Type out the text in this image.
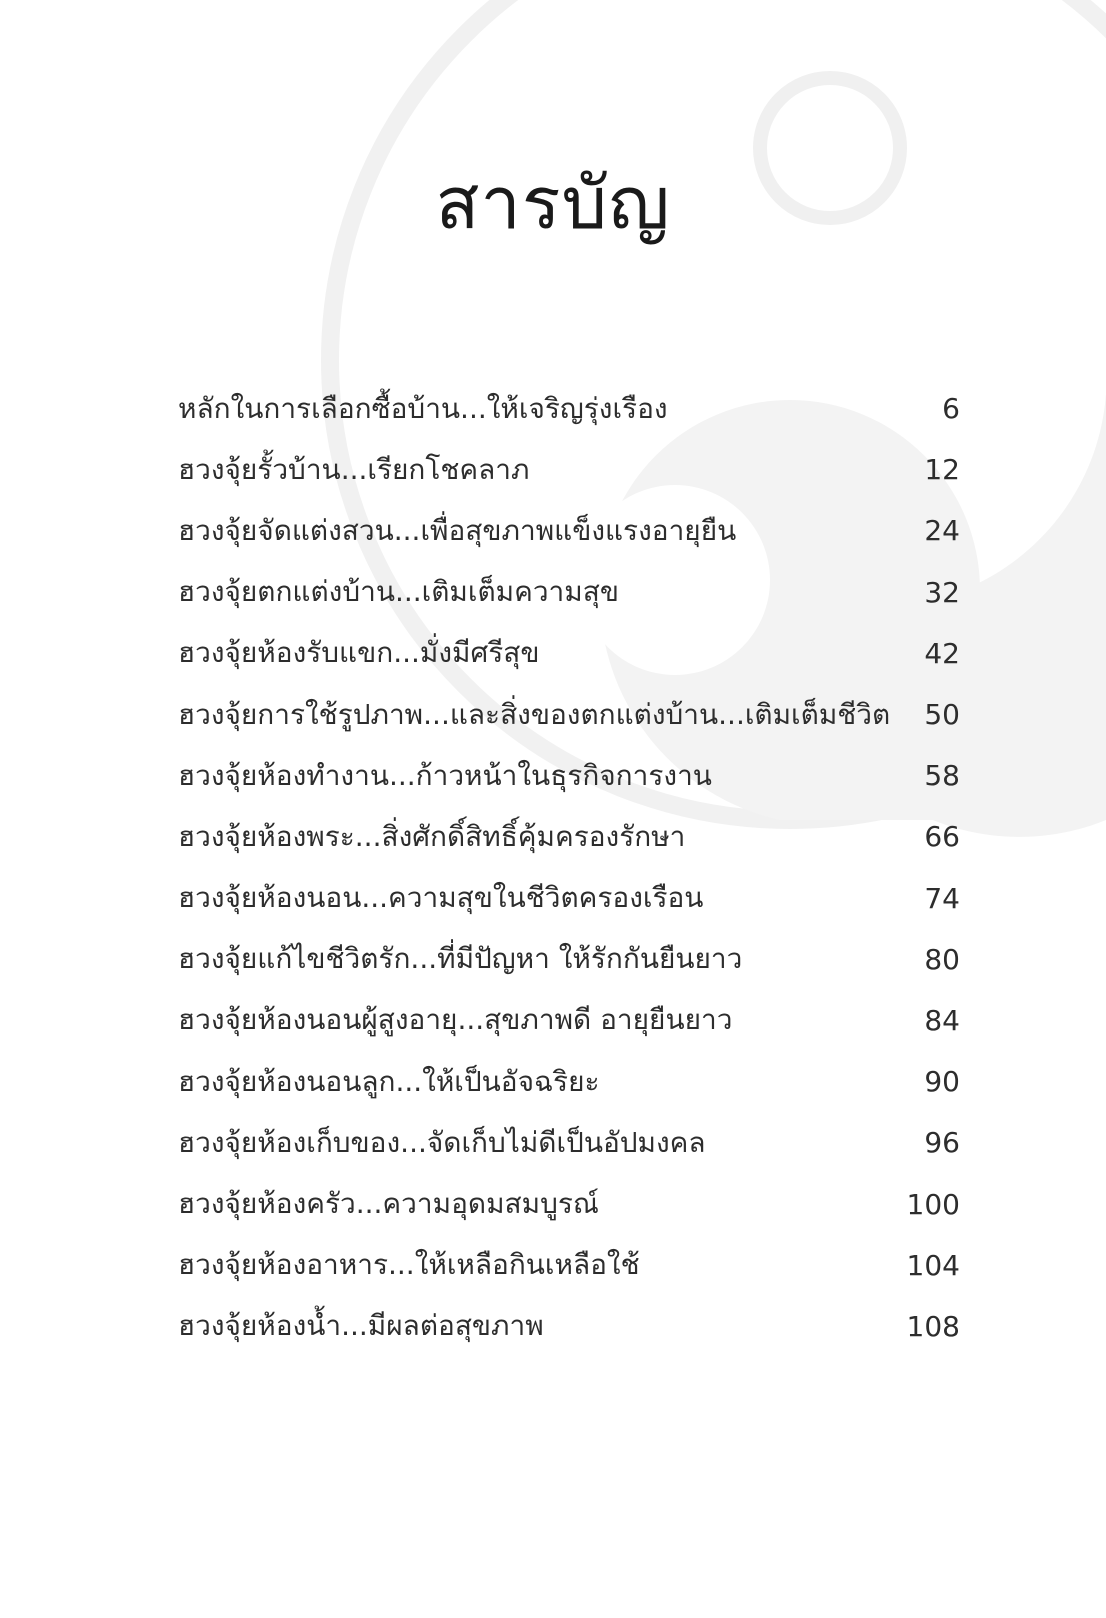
สารบัญ
หลักในการเลือกซื้อบ้าน...ให้เจริญรุ่งเรือง	6
ฮวงจุ้ยรั้วบ้าน...เรียกโชคลาภ	12
ฮวงจุ้ยจัดแต่งสวน...เพื่อสุขภาพแข็งแรงอายุยืน	24
ฮวงจุ้ยตกแต่งบ้าน...เติมเต็มความสุข	32
ฮวงจุ้ยห้องรับแขก...มั่งมีศรีสุข	42
ฮวงจุ้ยการใช้รูปภาพ...และสิ่งของตกแต่งบ้าน...เติมเต็มชีวิต	50
ฮวงจุ้ยห้องทำงาน...ก้าวหน้าในธุรกิจการงาน	58
ฮวงจุ้ยห้องพระ...สิ่งศักดิ์สิทธิ์คุ้มครองรักษา	66
ฮวงจุ้ยห้องนอน...ความสุขในชีวิตครองเรือน	74
ฮวงจุ้ยแก้ไขชีวิตรัก...ที่มีปัญหา ให้รักกันยืนยาว	80
ฮวงจุ้ยห้องนอนผู้สูงอายุ...สุขภาพดี อายุยืนยาว	84
ฮวงจุ้ยห้องนอนลูก...ให้เป็นอัจฉริยะ	90
ฮวงจุ้ยห้องเก็บของ...จัดเก็บไม่ดีเป็นอัปมงคล	96
ฮวงจุ้ยห้องครัว...ความอุดมสมบูรณ์	100
ฮวงจุ้ยห้องอาหาร...ให้เหลือกินเหลือใช้	104
ฮวงจุ้ยห้องน้ำ...มีผลต่อสุขภาพ	108
